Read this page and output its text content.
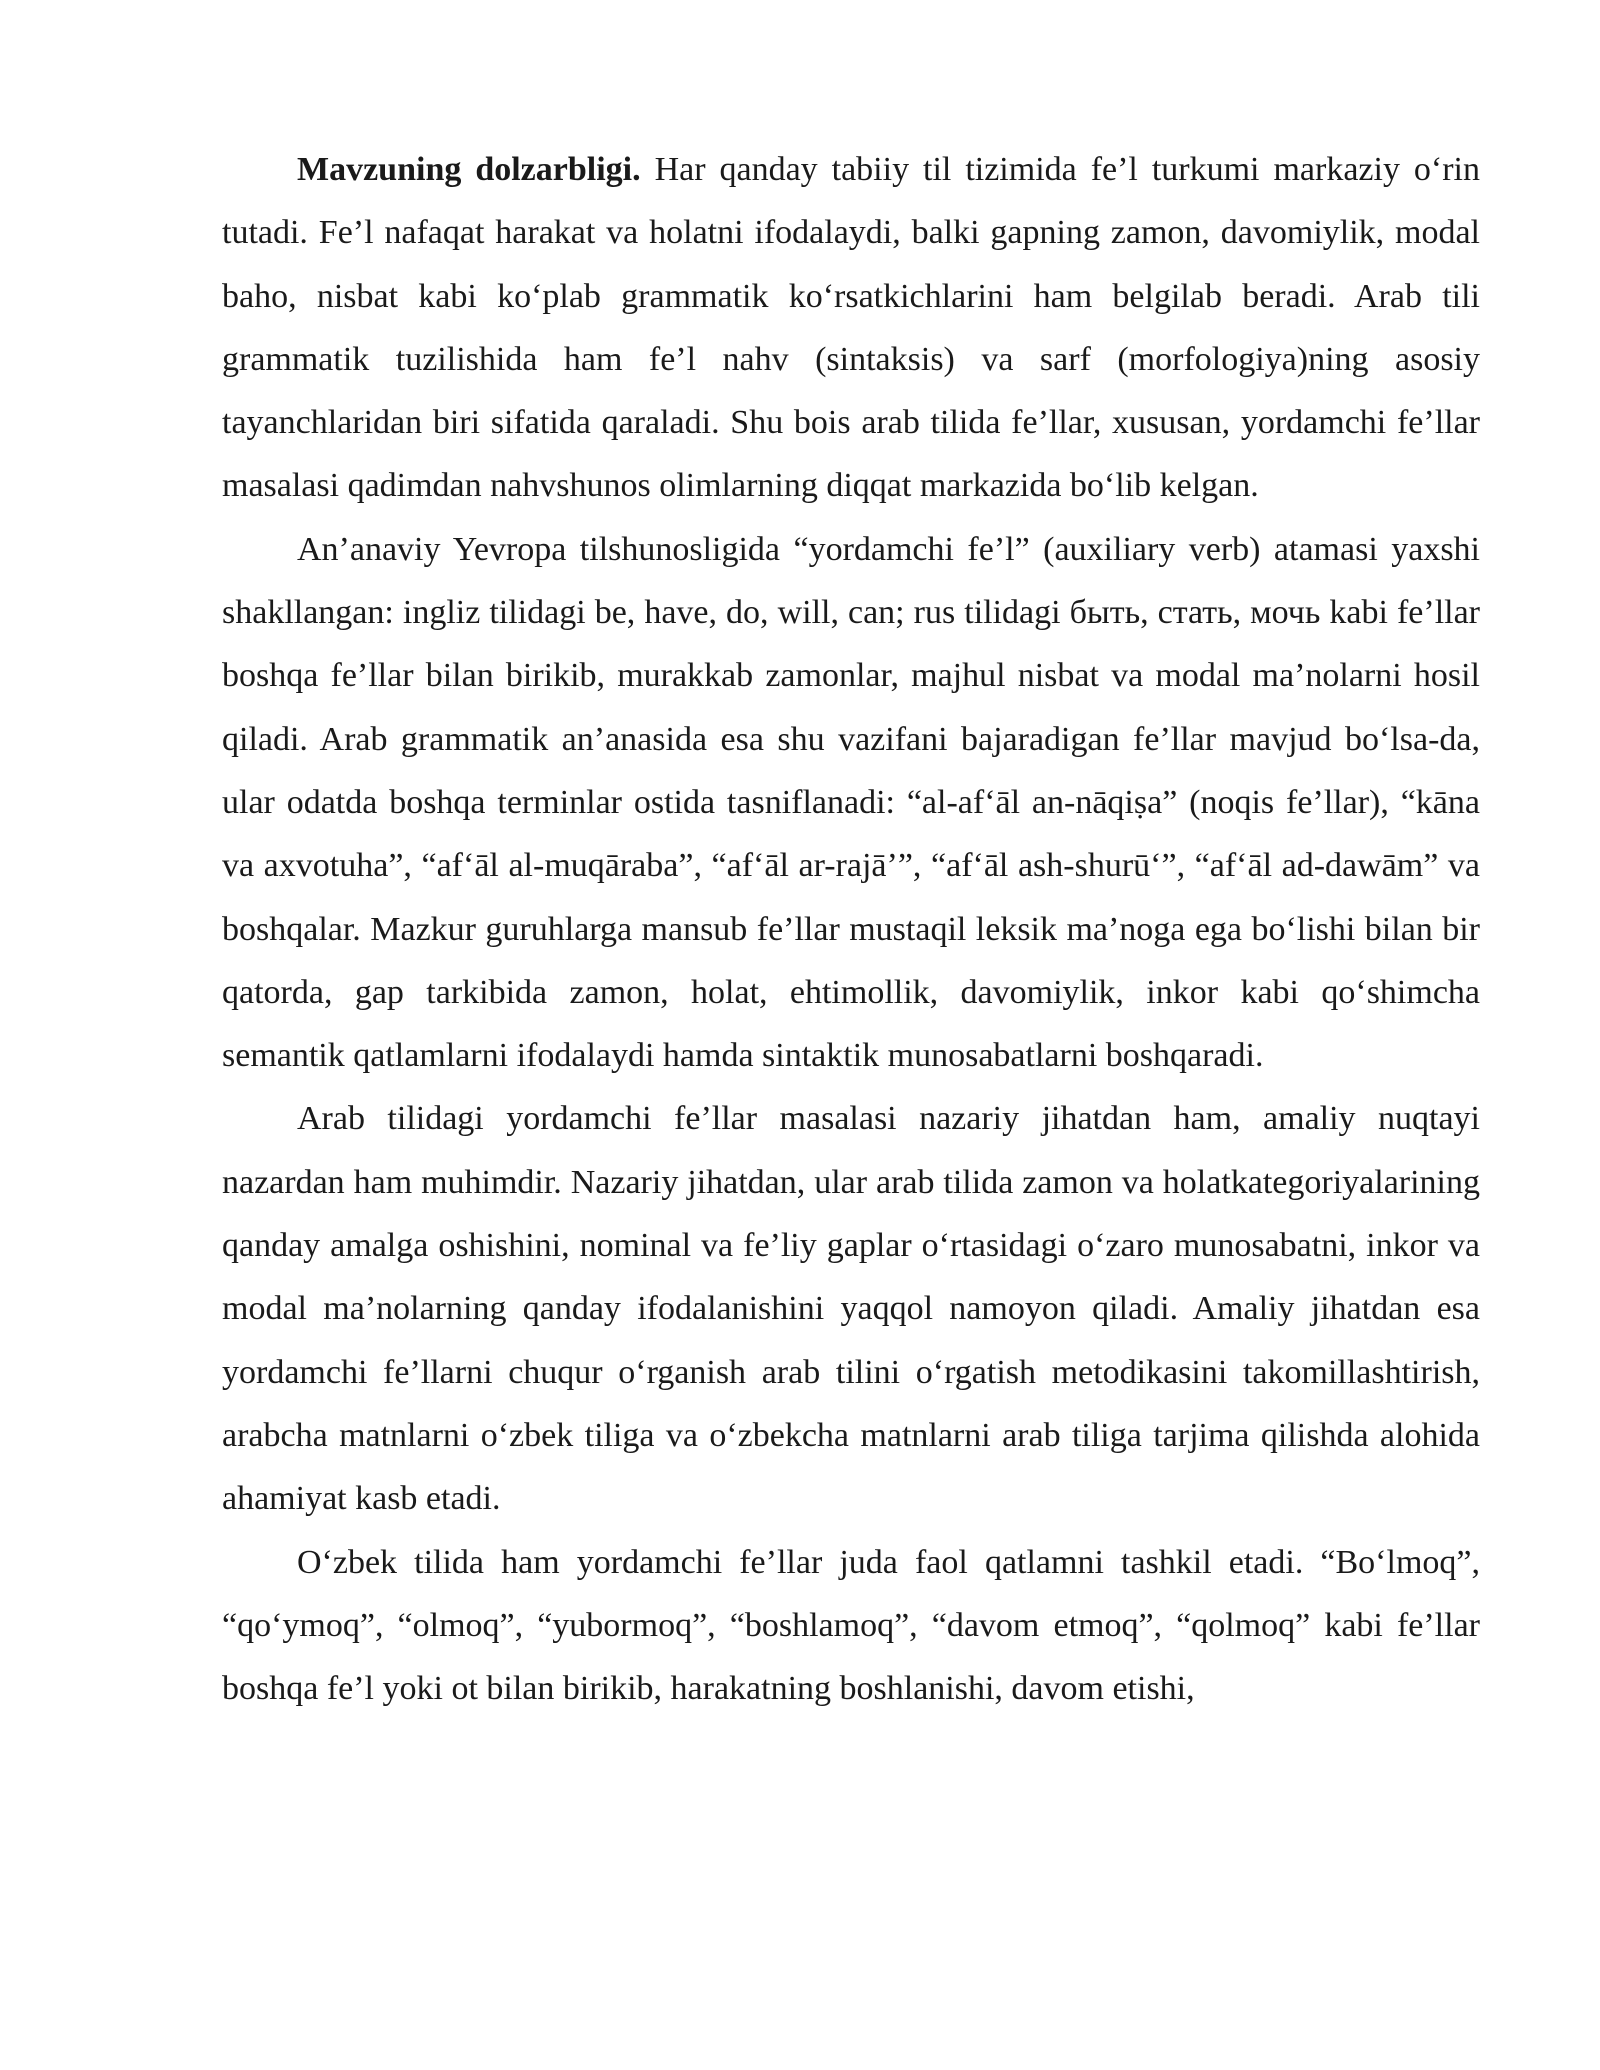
Mavzuning dolzarbligi. Har qanday tabiiy til tizimida fe’l turkumi markaziy o‘rin tutadi. Fe’l nafaqat harakat va holatni ifodalaydi, balki gapning zamon, davomiylik, modal baho, nisbat kabi ko‘plab grammatik ko‘rsatkichlarini ham belgilab beradi. Arab tili grammatik tuzilishida ham fe’l nahv (sintaksis) va sarf (morfologiya)ning asosiy tayanchlaridan biri sifatida qaraladi. Shu bois arab tilida fe’llar, xususan, yordamchi fe’llar masalasi qadimdan nahvshunos olimlarning diqqat markazida bo‘lib kelgan.

An’anaviy Yevropa tilshunosligida “yordamchi fe’l” (auxiliary verb) atamasi yaxshi shakllangan: ingliz tilidagi be, have, do, will, can; rus tilidagi быть, стать, мочь kabi fe’llar boshqa fe’llar bilan birikib, murakkab zamonlar, majhul nisbat va modal ma’nolarni hosil qiladi. Arab grammatik an’anasida esa shu vazifani bajaradigan fe’llar mavjud bo‘lsa-da, ular odatda boshqa terminlar ostida tasniflanadi: “al-af‘āl an-nāqiṣa” (noqis fe’llar), “kāna va axvotuha”, “af‘āl al-muqāraba”, “af‘āl ar-rajā’”, “af‘āl ash-shurū‘”, “af‘āl ad-dawām” va boshqalar. Mazkur guruhlarga mansub fe’llar mustaqil leksik ma’noga ega bo‘lishi bilan bir qatorda, gap tarkibida zamon, holat, ehtimollik, davomiylik, inkor kabi qo‘shimcha semantik qatlamlarni ifodalaydi hamda sintaktik munosabatlarni boshqaradi.

Arab tilidagi yordamchi fe’llar masalasi nazariy jihatdan ham, amaliy nuqtayi nazardan ham muhimdir. Nazariy jihatdan, ular arab tilida zamon va holatkategoriyalarining qanday amalga oshishini, nominal va fe’liy gaplar o‘rtasidagi o‘zaro munosabatni, inkor va modal ma’nolarning qanday ifodalanishini yaqqol namoyon qiladi. Amaliy jihatdan esa yordamchi fe’llarni chuqur o‘rganish arab tilini o‘rgatish metodikasini takomillashtirish, arabcha matnlarni o‘zbek tiliga va o‘zbekcha matnlarni arab tiliga tarjima qilishda alohida ahamiyat kasb etadi.

O‘zbek tilida ham yordamchi fe’llar juda faol qatlamni tashkil etadi. “Bo‘lmoq”, “qo‘ymoq”, “olmoq”, “yubormoq”, “boshlamoq”, “davom etmoq”, “qolmoq” kabi fe’llar boshqa fe’l yoki ot bilan birikib, harakatning boshlanishi, davom etishi,
